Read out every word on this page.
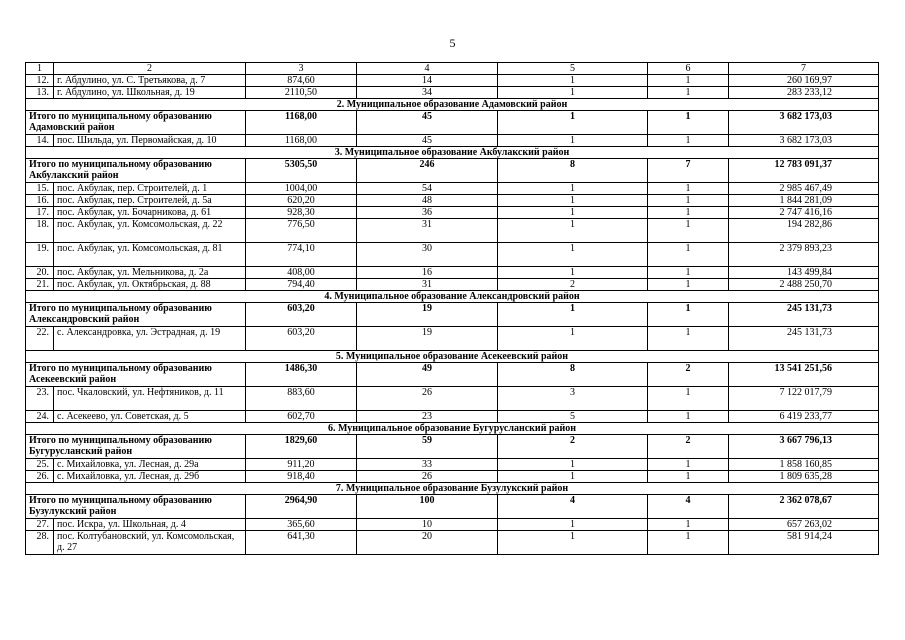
5
1	2	3	4	5	6	7
12.	г. Абдулино, ул. С. Третьякова, д. 7	874,60	14	1	1	260 169,97
13.	г. Абдулино, ул. Школьная, д. 19	2110,50	34	1	1	283 233,12
2. Муниципальное образование Адамовский район						
Итого по муниципальному образованию Адамовский район		1168,00	45	1	1	3 682 173,03
14.	пос. Шильда, ул. Первомайская, д. 10	1168,00	45	1	1	3 682 173,03
3. Муниципальное образование Акбулакский район						
Итого по муниципальному образованию Акбулакский район		5305,50	246	8	7	12 783 091,37
15.	пос. Акбулак, пер. Строителей, д. 1	1004,00	54	1	1	2 985 467,49
16.	пос. Акбулак, пер. Строителей, д. 5а	620,20	48	1	1	1 844 281,09
17.	пос. Акбулак, ул. Бочарникова, д. 61	928,30	36	1	1	2 747 416,16
18.	пос. Акбулак, ул. Комсомольская, д. 22	776,50	31	1	1	194 282,86
19.	пос. Акбулак, ул. Комсомольская, д. 81	774,10	30	1	1	2 379 893,23
20.	пос. Акбулак, ул. Мельникова, д. 2а	408,00	16	1	1	143 499,84
21.	пос. Акбулак, ул. Октябрьская, д. 88	794,40	31	2	1	2 488 250,70
4. Муниципальное образование Александровский район						
Итого по муниципальному образованию Александровский район		603,20	19	1	1	245 131,73
22.	с. Александровка, ул. Эстрадная, д. 19	603,20	19	1	1	245 131,73
5. Муниципальное образование Асекеевский район						
Итого по муниципальному образованию Асекеевский район		1486,30	49	8	2	13 541 251,56
23.	пос. Чкаловский, ул. Нефтяников, д. 11	883,60	26	3	1	7 122 017,79
24.	с. Асекеево, ул. Советская, д. 5	602,70	23	5	1	6 419 233,77
6. Муниципальное образование Бугурусланский район						
Итого по муниципальному образованию Бугурусланский район		1829,60	59	2	2	3 667 796,13
25.	с. Михайловка, ул. Лесная, д. 29а	911,20	33	1	1	1 858 160,85
26.	с. Михайловка, ул. Лесная, д. 29б	918,40	26	1	1	1 809 635,28
7. Муниципальное образование Бузулукский район						
Итого по муниципальному образованию Бузулукский район		2964,90	100	4	4	2 362 078,67
27.	пос. Искра, ул. Школьная, д. 4	365,60	10	1	1	657 263,02
28.	пос. Колтубановский, ул. Комсомольская, д. 27	641,30	20	1	1	581 914,24
